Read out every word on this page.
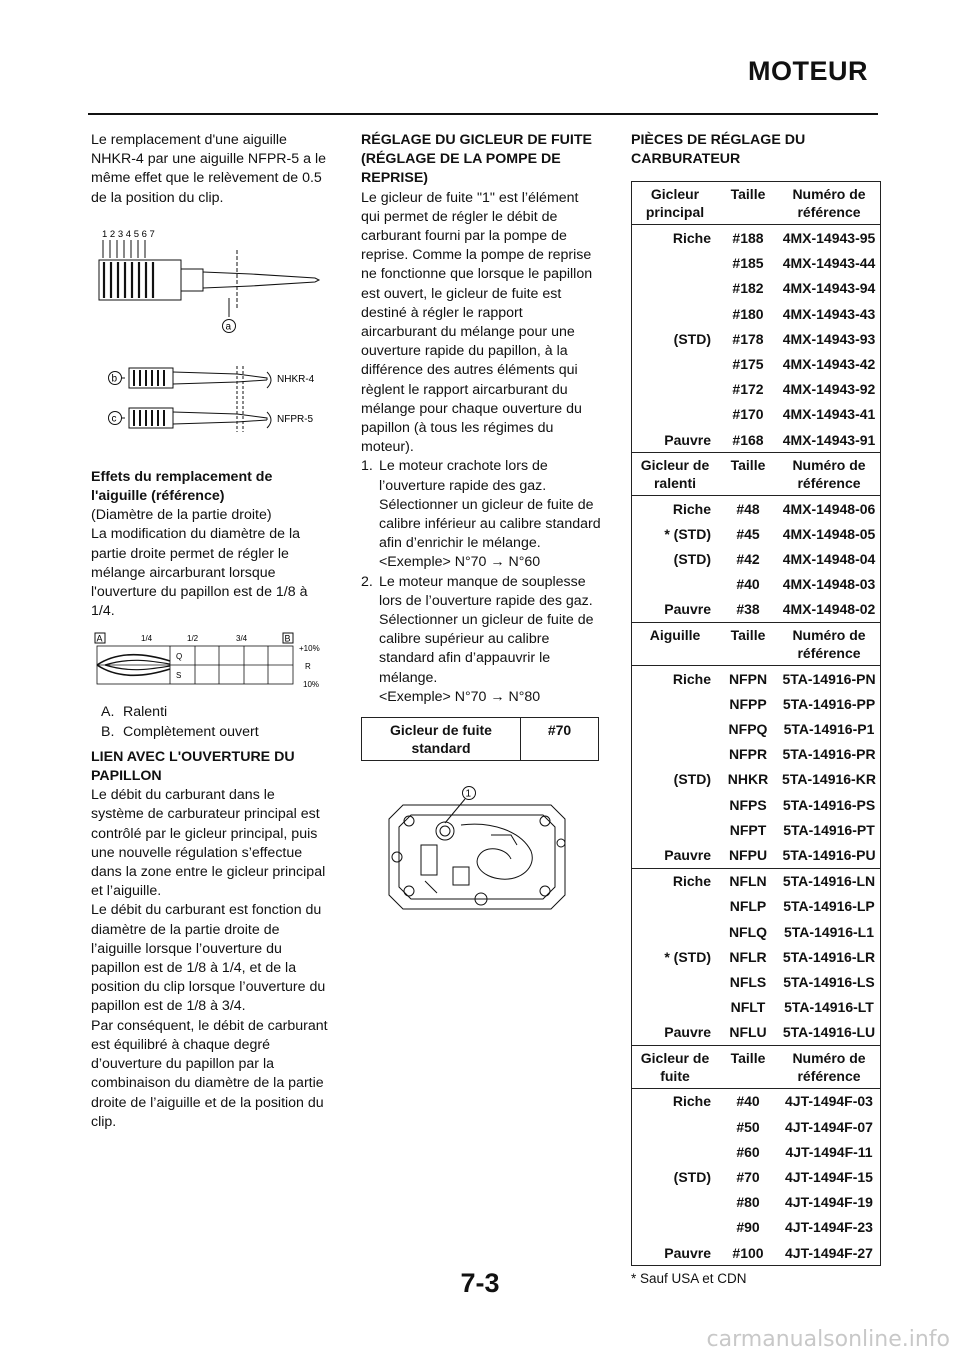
MOTEUR

Le remplacement d'une aiguille NHKR-4 par une aiguille NFPR-5 a le même effet que le relèvement de 0.5 de la position du clip.

1 2 3 4 5 6 7
a
b
c
NHKR-4
NFPR-5

Effets du remplacement de l'aiguille (référence)

(Diamètre de la partie droite)

La modification du diamètre de la partie droite permet de régler le mélange aircarburant lorsque l'ouverture du papillon est de 1/8 à 1/4.

A	B
1/4	1/2	3/4
Q
S
+10%
R
10%
A. Ralenti
B. Complètement ouvert

LIEN AVEC L'OUVERTURE DU PAPILLON

Le débit du carburant dans le système de carburateur principal est contrôlé par le gicleur principal, puis une nouvelle régulation s’effectue dans la zone entre le gicleur principal et l’aiguille.

Le débit du carburant est fonction du diamètre de la partie droite de l’aiguille lorsque l’ouverture du papillon est de 1/8 à 1/4, et de la position du clip lorsque l’ouverture du papillon est de 1/8 à 3/4.

Par conséquent, le débit de carburant est équilibré à chaque degré d’ouverture du papillon par la combinaison du diamètre de la partie droite de l’aiguille et de la position du clip.

RÉGLAGE DU GICLEUR DE FUITE (RÉGLAGE DE LA POMPE DE REPRISE)

Le gicleur de fuite "1" est l’élément qui permet de régler le débit de carburant fourni par la pompe de reprise. Comme la pompe de reprise ne fonctionne que lorsque le papillon est ouvert, le gicleur de fuite est destiné à régler le rapport aircarburant du mélange pour une ouverture rapide du papillon, à la différence des autres éléments qui règlent le rapport aircarburant du mélange pour chaque ouverture du papillon (à tous les régimes du moteur).

1. Le moteur crachote lors de l’ouverture rapide des gaz. Sélectionner un gicleur de fuite de calibre inférieur au calibre standard afin d’enrichir le mélange.
<Exemple> N°70 → N°60
2. Le moteur manque de souplesse lors de l’ouverture rapide des gaz. Sélectionner un gicleur de fuite de calibre supérieur au calibre standard afin d’appauvrir le mélange.
<Exemple> N°70 → N°80
Gicleur de fuite standard	#70
1

PIÈCES DE RÉGLAGE DU CARBURATEUR

Gicleur principal	Taille	Numéro de référence
Riche	#188	4MX-14943-95
	#185	4MX-14943-44
	#182	4MX-14943-94
	#180	4MX-14943-43
(STD)	#178	4MX-14943-93
	#175	4MX-14943-42
	#172	4MX-14943-92
	#170	4MX-14943-41
Pauvre	#168	4MX-14943-91
Gicleur de ralenti	Taille	Numéro de référence
Riche	#48	4MX-14948-06
* (STD)	#45	4MX-14948-05
(STD)	#42	4MX-14948-04
	#40	4MX-14948-03
Pauvre	#38	4MX-14948-02
Aiguille	Taille	Numéro de référence
Riche	NFPN	5TA-14916-PN
	NFPP	5TA-14916-PP
	NFPQ	5TA-14916-P1
	NFPR	5TA-14916-PR
(STD)	NHKR	5TA-14916-KR
	NFPS	5TA-14916-PS
	NFPT	5TA-14916-PT
Pauvre	NFPU	5TA-14916-PU

Riche	NFLN	5TA-14916-LN
	NFLP	5TA-14916-LP
	NFLQ	5TA-14916-L1
* (STD)	NFLR	5TA-14916-LR
	NFLS	5TA-14916-LS
	NFLT	5TA-14916-LT
Pauvre	NFLU	5TA-14916-LU
Gicleur de fuite	Taille	Numéro de référence
Riche	#40	4JT-1494F-03
	#50	4JT-1494F-07
	#60	4JT-1494F-11
(STD)	#70	4JT-1494F-15
	#80	4JT-1494F-19
	#90	4JT-1494F-23
Pauvre	#100	4JT-1494F-27

* Sauf USA et CDN

7-3
carmanualsonline.info
